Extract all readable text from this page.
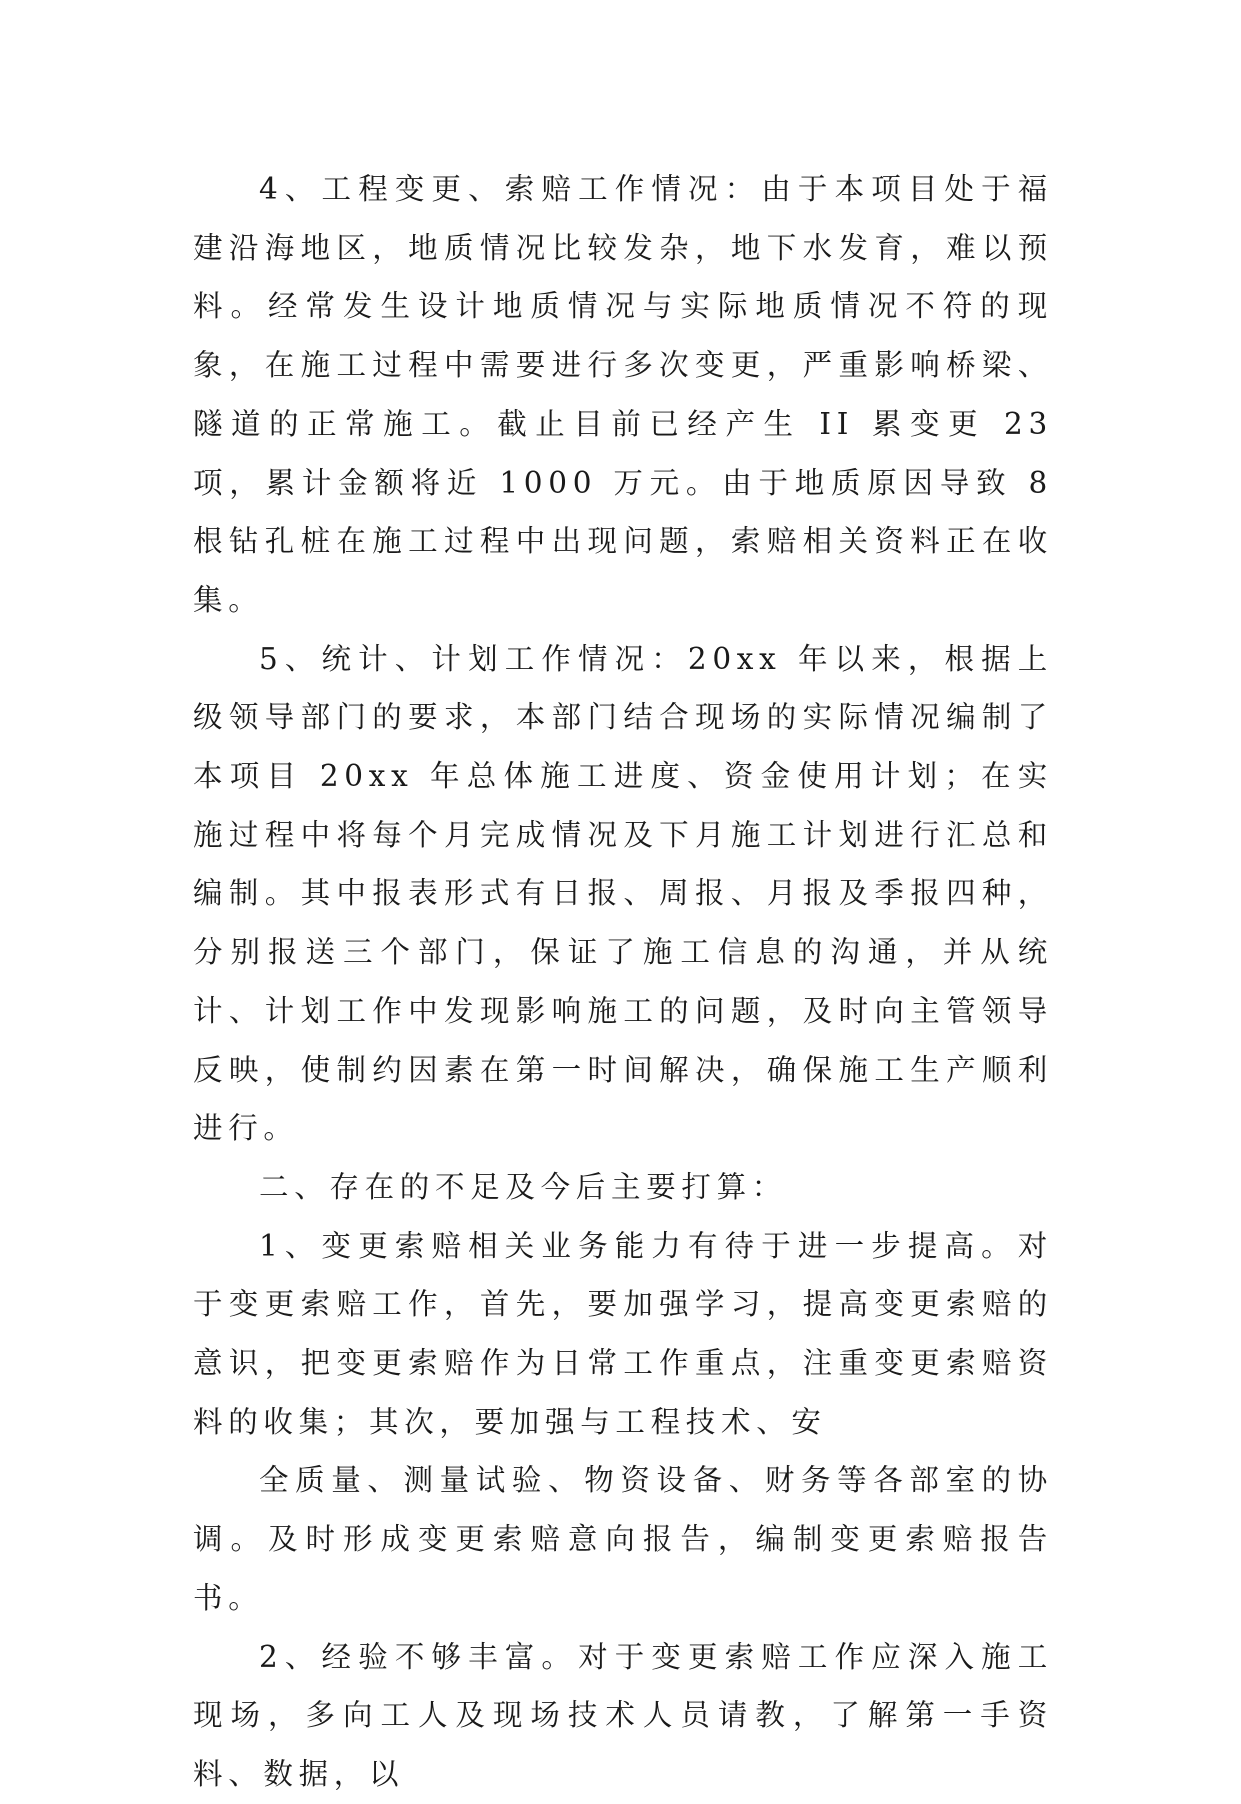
4、工程变更、索赔工作情况：由于本项目处于福建沿海地区，地质情况比较发杂，地下水发育，难以预料。经常发生设计地质情况与实际地质情况不符的现象，在施工过程中需要进行多次变更，严重影响桥梁、隧道的正常施工。截止目前已经产生 II 累变更 23 项，累计金额将近 1000 万元。由于地质原因导致 8 根钻孔桩在施工过程中出现问题，索赔相关资料正在收集。

5、统计、计划工作情况：20xx 年以来，根据上级领导部门的要求，本部门结合现场的实际情况编制了本项目 20xx 年总体施工进度、资金使用计划；在实施过程中将每个月完成情况及下月施工计划进行汇总和编制。其中报表形式有日报、周报、月报及季报四种，分别报送三个部门，保证了施工信息的沟通，并从统计、计划工作中发现影响施工的问题，及时向主管领导反映，使制约因素在第一时间解决，确保施工生产顺利进行。

二、存在的不足及今后主要打算：

1、变更索赔相关业务能力有待于进一步提高。对于变更索赔工作，首先，要加强学习，提高变更索赔的意识，把变更索赔作为日常工作重点，注重变更索赔资料的收集；其次，要加强与工程技术、安

全质量、测量试验、物资设备、财务等各部室的协调。及时形成变更索赔意向报告，编制变更索赔报告书。

2、经验不够丰富。对于变更索赔工作应深入施工现场，多向工人及现场技术人员请教，了解第一手资料、数据，以
